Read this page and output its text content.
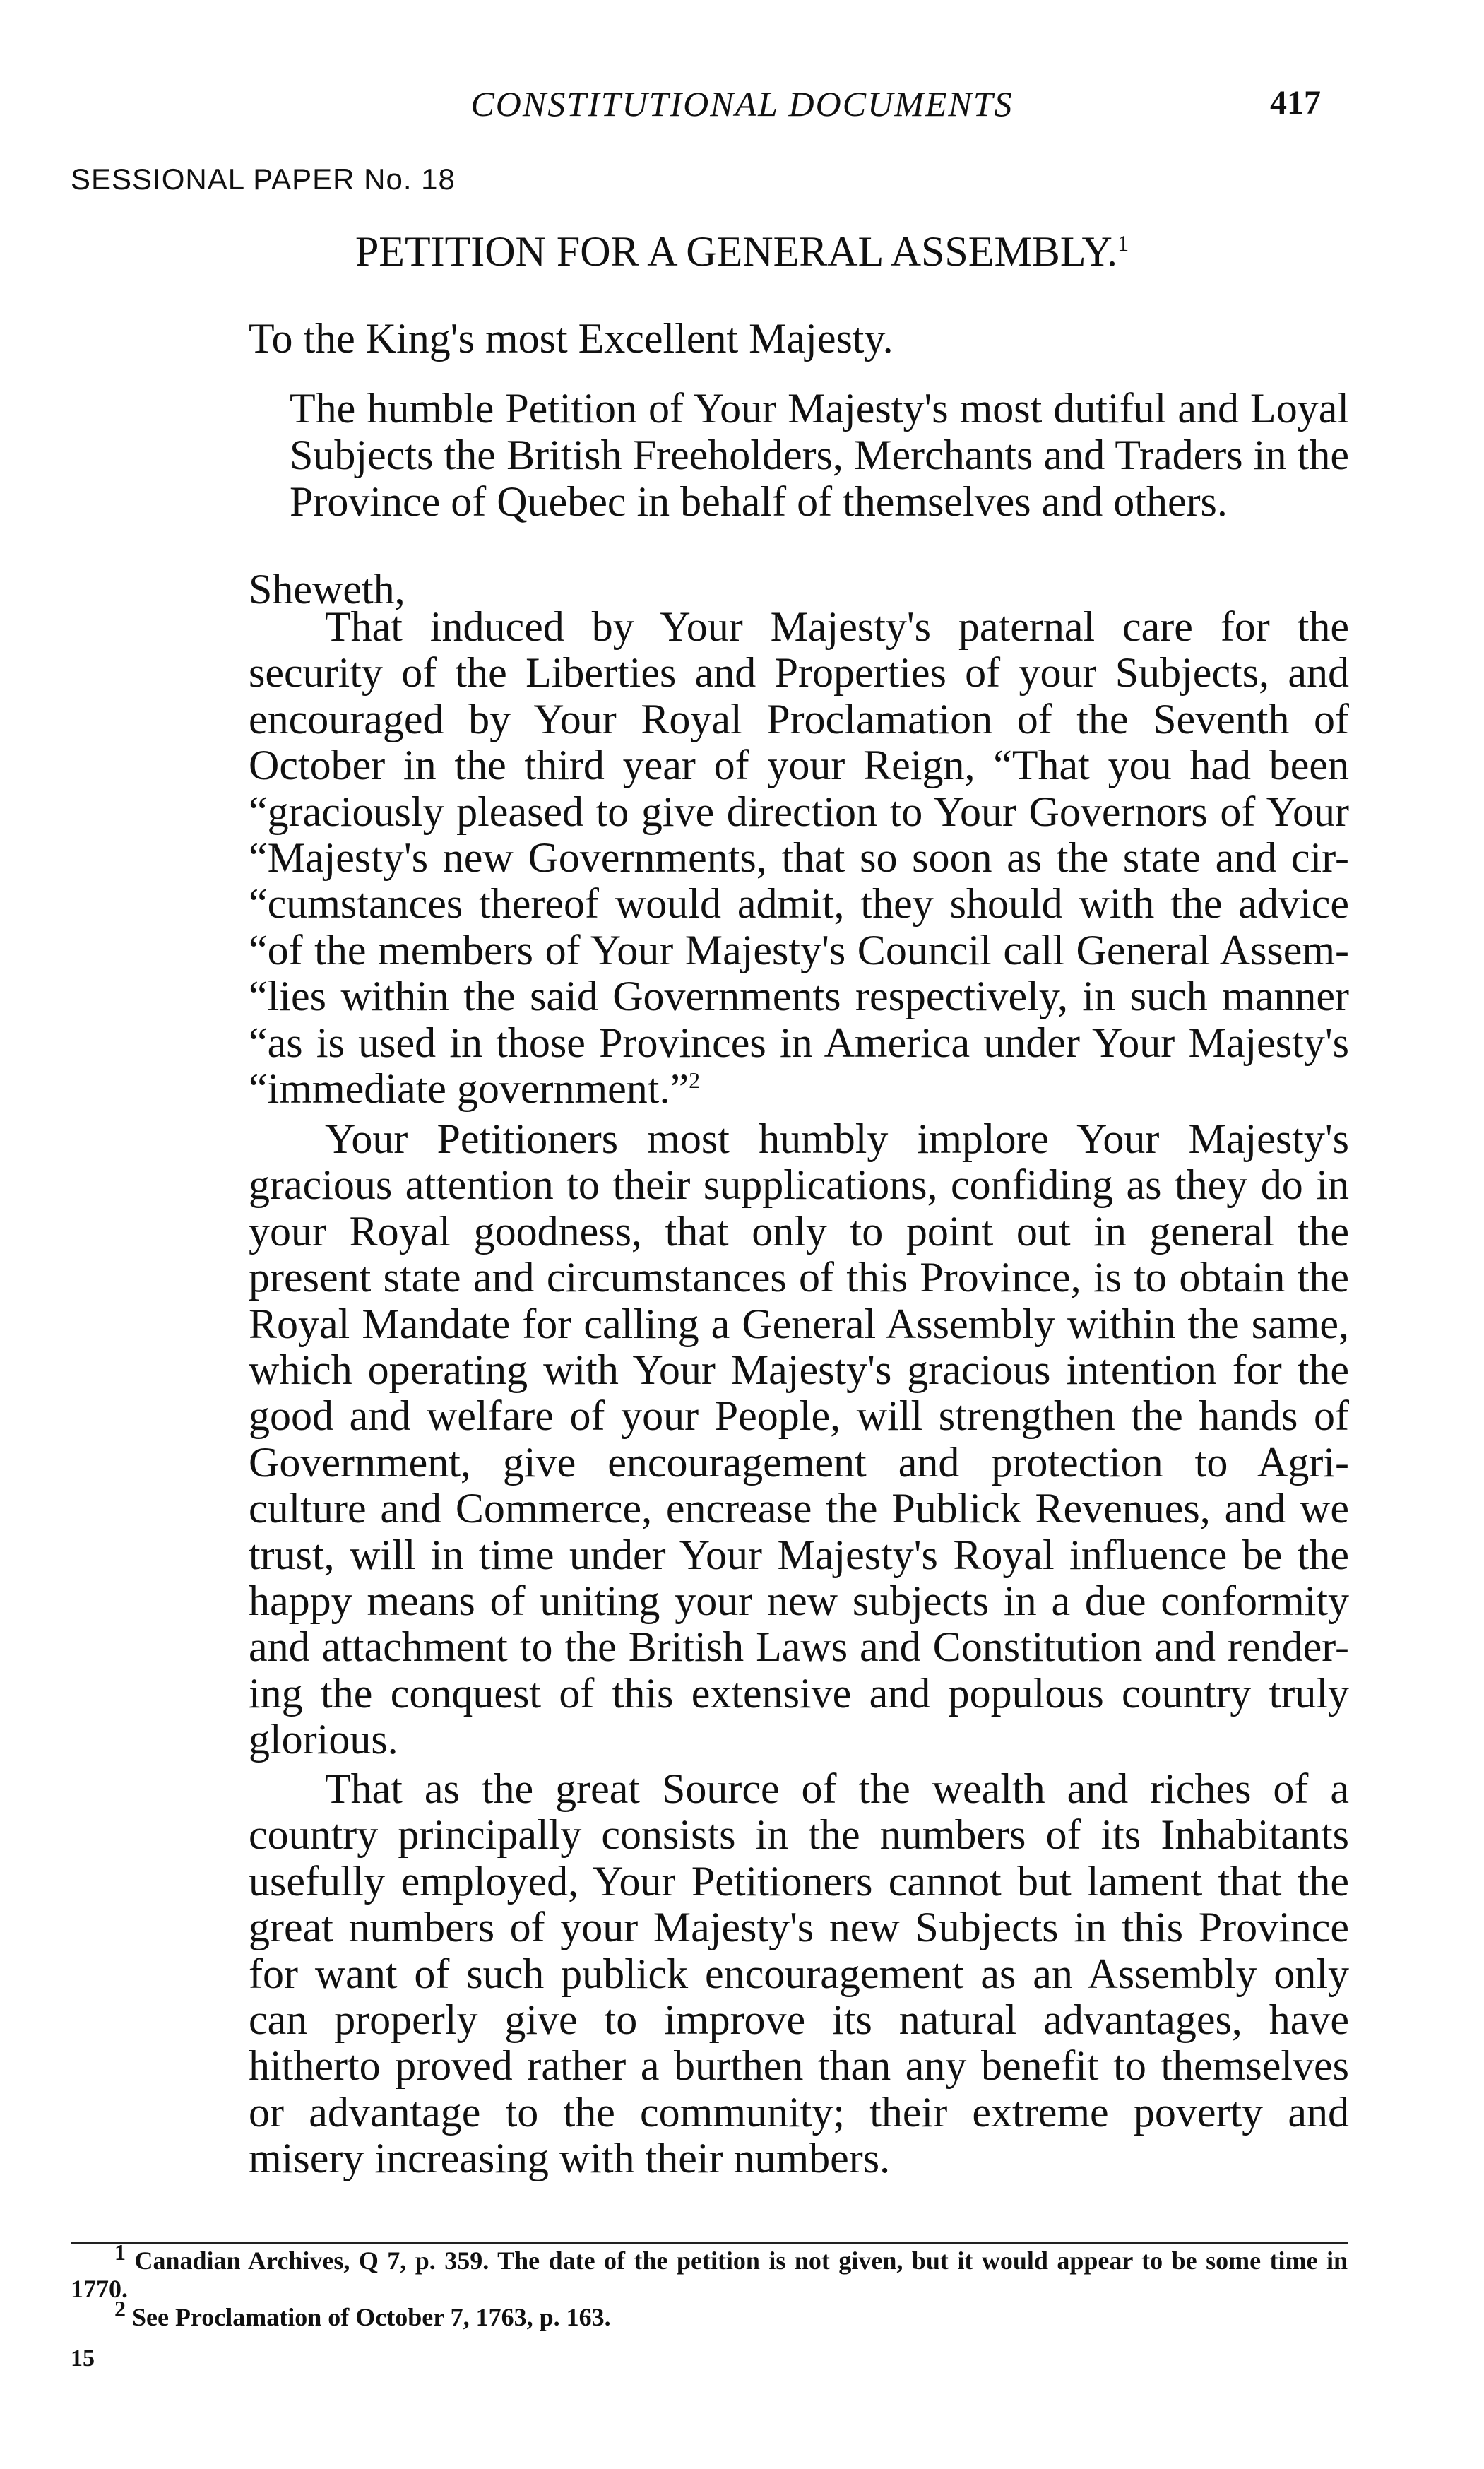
CONSTITUTIONAL DOCUMENTS	417
SESSIONAL PAPER No. 18
PETITION FOR A GENERAL ASSEMBLY.$^1$
To the King's most Excellent Majesty.
The humble Petition of Your Majesty's most dutiful and Loyal Subjects the British Freeholders, Merchants and Traders in the Province of Quebec in behalf of themselves and others.
Sheweth,
That induced by Your Majesty's paternal care for the security of the Liberties and Properties of your Subjects, and encouraged by Your Royal Proclamation of the Seventh of October in the third year of your Reign, “That you had been “graciously pleased to give direction to Your Governors of Your “Majesty's new Governments, that so soon as the state and cir- “cumstances thereof would admit, they should with the advice “of the members of Your Majesty's Council call General Assem- “lies within the said Governments respectively, in such manner “as is used in those Provinces in America under Your Majesty's “immediate government.”$^2$
Your Petitioners most humbly implore Your Majesty's gracious attention to their supplications, confiding as they do in your Royal goodness, that only to point out in general the present state and circumstances of this Province, is to obtain the Royal Mandate for calling a General Assembly within the same, which operating with Your Majesty's gracious intention for the good and welfare of your People, will strengthen the hands of Government, give encouragement and protection to Agri- culture and Commerce, encrease the Publick Revenues, and we trust, will in time under Your Majesty's Royal influence be the happy means of uniting your new subjects in a due conformity and attachment to the British Laws and Constitution and render- ing the conquest of this extensive and populous country truly glorious.
That as the great Source of the wealth and riches of a country principally consists in the numbers of its Inhabitants usefully employed, Your Petitioners cannot but lament that the great numbers of your Majesty's new Subjects in this Province for want of such publick encouragement as an Assembly only can properly give to improve its natural advantages, have hitherto proved rather a burthen than any benefit to themselves or advantage to the community; their extreme poverty and misery increasing with their numbers.
$^1$ Canadian Archives, Q 7, p. 359. The date of the petition is not given, but it would appear to be some time in 1770.
$^2$ See Proclamation of October 7, 1763, p. 163.
15
